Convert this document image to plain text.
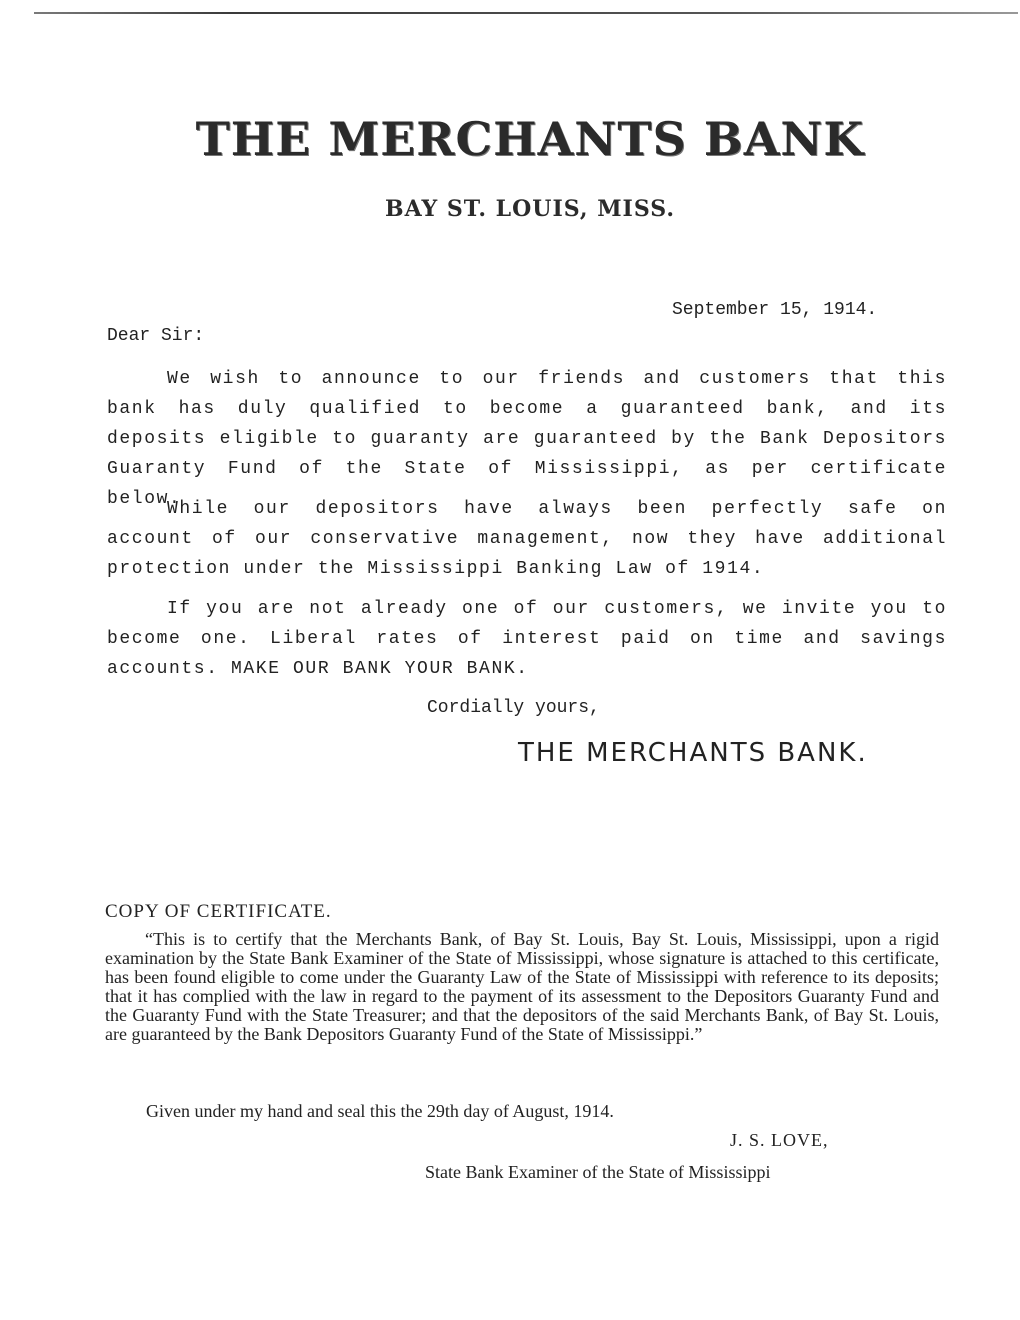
THE MERCHANTS BANK
BAY ST. LOUIS, MISS.
September 15, 1914.
Dear Sir:
We wish to announce to our friends and customers that this bank has duly qualified to become a guaranteed bank, and its deposits eligible to guaranty are guaranteed by the Bank Depositors Guaranty Fund of the State of Mississippi, as per certificate below.
While our depositors have always been perfectly safe on account of our conservative management, now they have additional protection under the Mississippi Banking Law of 1914.
If you are not already one of our customers, we invite you to become one. Liberal rates of interest paid on time and savings accounts. MAKE OUR BANK YOUR BANK.
Cordially yours,
THE MERCHANTS BANK.
COPY OF CERTIFICATE.
“This is to certify that the Merchants Bank, of Bay St. Louis, Bay St. Louis, Mississippi, upon a rigid examination by the State Bank Examiner of the State of Mississippi, whose signature is attached to this certificate, has been found eligible to come under the Guaranty Law of the State of Mississippi with reference to its deposits; that it has complied with the law in regard to the payment of its assessment to the Depositors Guaranty Fund and the Guaranty Fund with the State Treasurer; and that the depositors of the said Merchants Bank, of Bay St. Louis, are guaranteed by the Bank Depositors Guaranty Fund of the State of Mississippi.”
Given under my hand and seal this the 29th day of August, 1914.
J. S. LOVE,
State Bank Examiner of the State of Mississippi
